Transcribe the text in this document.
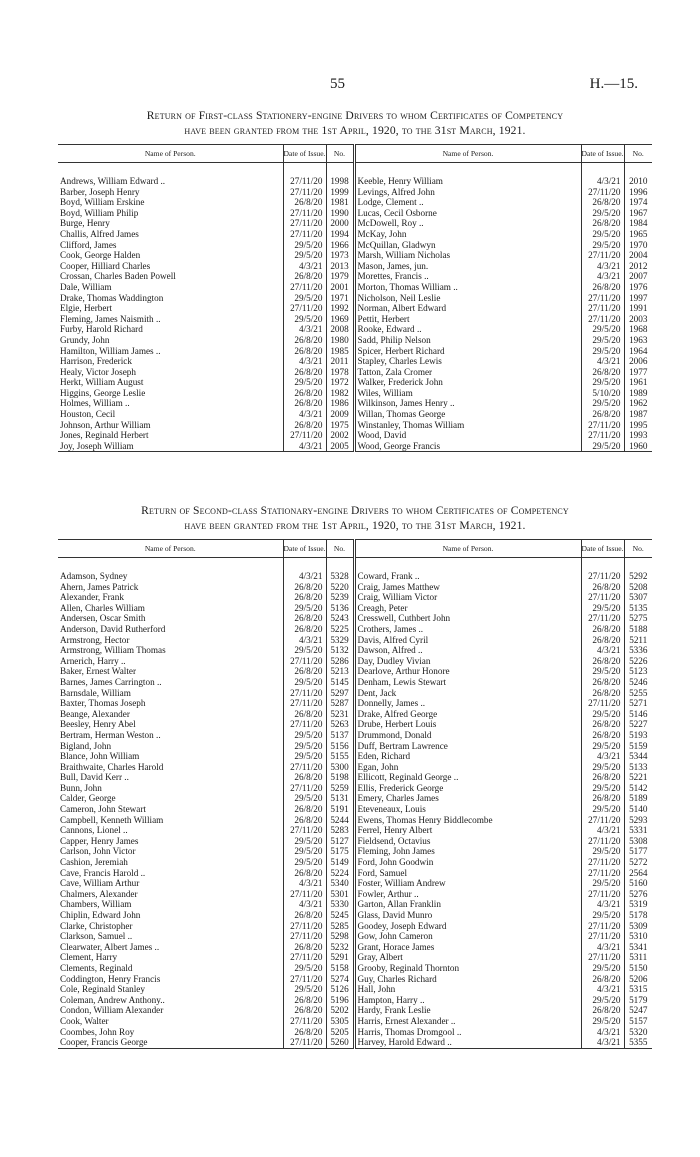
55	H.—15.
Return of First-class Stationery-engine Drivers to whom Certificates of Competency
have been granted from the 1st April, 1920, to the 31st March, 1921.
Name of Person.	Date of Issue.	No.	Name of Person.	Date of Issue.	No.

Andrews, William Edward ..	27/11/20	1998	Keeble, Henry William	4/3/21	2010
Barber, Joseph Henry	27/11/20	1999	Levings, Alfred John	27/11/20	1996
Boyd, William Erskine	26/8/20	1981	Lodge, Clement ..	26/8/20	1974
Boyd, William Philip	27/11/20	1990	Lucas, Cecil Osborne	29/5/20	1967
Burge, Henry	27/11/20	2000	McDowell, Roy ..	26/8/20	1984
Challis, Alfred James	27/11/20	1994	McKay, John	29/5/20	1965
Clifford, James	29/5/20	1966	McQuillan, Gladwyn	29/5/20	1970
Cook, George Halden	29/5/20	1973	Marsh, William Nicholas	27/11/20	2004
Cooper, Hilliard Charles	4/3/21	2013	Mason, James, jun.	4/3/21	2012
Crossan, Charles Baden Powell	26/8/20	1979	Morettes, Francis ..	4/3/21	2007
Dale, William	27/11/20	2001	Morton, Thomas William ..	26/8/20	1976
Drake, Thomas Waddington	29/5/20	1971	Nicholson, Neil Leslie	27/11/20	1997
Elgie, Herbert	27/11/20	1992	Norman, Albert Edward	27/11/20	1991
Fleming, James Naismith ..	29/5/20	1969	Pettit, Herbert	27/11/20	2003
Furby, Harold Richard	4/3/21	2008	Rooke, Edward ..	29/5/20	1968
Grundy, John	26/8/20	1980	Sadd, Philip Nelson	29/5/20	1963
Hamilton, William James ..	26/8/20	1985	Spicer, Herbert Richard	29/5/20	1964
Harrison, Frederick	4/3/21	2011	Stapley, Charles Lewis	4/3/21	2006
Healy, Victor Joseph	26/8/20	1978	Tatton, Zala Cromer	26/8/20	1977
Herkt, William August	29/5/20	1972	Walker, Frederick John	29/5/20	1961
Higgins, George Leslie	26/8/20	1982	Wiles, William	5/10/20	1989
Holmes, William ..	26/8/20	1986	Wilkinson, James Henry ..	29/5/20	1962
Houston, Cecil	4/3/21	2009	Willan, Thomas George	26/8/20	1987
Johnson, Arthur William	26/8/20	1975	Winstanley, Thomas William	27/11/20	1995
Jones, Reginald Herbert	27/11/20	2002	Wood, David	27/11/20	1993
Joy, Joseph William	4/3/21	2005	Wood, George Francis	29/5/20	1960
Return of Second-class Stationary-engine Drivers to whom Certificates of Competency
have been granted from the 1st April, 1920, to the 31st March, 1921.
Name of Person.	Date of Issue.	No.	Name of Person.	Date of Issue.	No.

Adamson, Sydney	4/3/21	5328	Coward, Frank ..	27/11/20	5292
Ahern, James Patrick	26/8/20	5220	Craig, James Matthew	26/8/20	5208
Alexander, Frank	26/8/20	5239	Craig, William Victor	27/11/20	5307
Allen, Charles William	29/5/20	5136	Creagh, Peter	29/5/20	5135
Andersen, Oscar Smith	26/8/20	5243	Cresswell, Cuthbert John	27/11/20	5275
Anderson, David Rutherford	26/8/20	5225	Crothers, James ..	26/8/20	5188
Armstrong, Hector	4/3/21	5329	Davis, Alfred Cyril	26/8/20	5211
Armstrong, William Thomas	29/5/20	5132	Dawson, Alfred ..	4/3/21	5336
Arnerich, Harry ..	27/11/20	5286	Day, Dudley Vivian	26/8/20	5226
Baker, Ernest Walter	26/8/20	5213	Dearlove, Arthur Honore	29/5/20	5123
Barnes, James Carrington ..	29/5/20	5145	Denham, Lewis Stewart	26/8/20	5246
Barnsdale, William	27/11/20	5297	Dent, Jack	26/8/20	5255
Baxter, Thomas Joseph	27/11/20	5287	Donnelly, James ..	27/11/20	5271
Beange, Alexander	26/8/20	5231	Drake, Alfred George	29/5/20	5146
Beesley, Henry Abel	27/11/20	5263	Drube, Herbert Louis	26/8/20	5227
Bertram, Herman Weston ..	29/5/20	5137	Drummond, Donald	26/8/20	5193
Bigland, John	29/5/20	5156	Duff, Bertram Lawrence	29/5/20	5159
Blance, John William	29/5/20	5155	Eden, Richard	4/3/21	5344
Braithwaite, Charles Harold	27/11/20	5300	Egan, John	29/5/20	5133
Bull, David Kerr ..	26/8/20	5198	Ellicott, Reginald George ..	26/8/20	5221
Bunn, John	27/11/20	5259	Ellis, Frederick George	29/5/20	5142
Calder, George	29/5/20	5131	Emery, Charles James	26/8/20	5189
Cameron, John Stewart	26/8/20	5191	Eteveneaux, Louis	29/5/20	5140
Campbell, Kenneth William	26/8/20	5244	Ewens, Thomas Henry Biddlecombe	27/11/20	5293
Cannons, Lionel ..	27/11/20	5283	Ferrel, Henry Albert	4/3/21	5331
Capper, Henry James	29/5/20	5127	Fieldsend, Octavius	27/11/20	5308
Carlson, John Victor	29/5/20	5175	Fleming, John James	29/5/20	5177
Cashion, Jeremiah	29/5/20	5149	Ford, John Goodwin	27/11/20	5272
Cave, Francis Harold ..	26/8/20	5224	Ford, Samuel	27/11/20	2564
Cave, William Arthur	4/3/21	5340	Foster, William Andrew	29/5/20	5160
Chalmers, Alexander	27/11/20	5301	Fowler, Arthur ..	27/11/20	5276
Chambers, William	4/3/21	5330	Garton, Allan Franklin	4/3/21	5319
Chiplin, Edward John	26/8/20	5245	Glass, David Munro	29/5/20	5178
Clarke, Christopher	27/11/20	5285	Goodey, Joseph Edward	27/11/20	5309
Clarkson, Samuel ..	27/11/20	5298	Gow, John Cameron	27/11/20	5310
Clearwater, Albert James ..	26/8/20	5232	Grant, Horace James	4/3/21	5341
Clement, Harry	27/11/20	5291	Gray, Albert	27/11/20	5311
Clements, Reginald	29/5/20	5158	Grooby, Reginald Thornton	29/5/20	5150
Coddington, Henry Francis	27/11/20	5274	Guy, Charles Richard	26/8/20	5206
Cole, Reginald Stanley	29/5/20	5126	Hall, John	4/3/21	5315
Coleman, Andrew Anthony..	26/8/20	5196	Hampton, Harry ..	29/5/20	5179
Condon, William Alexander	26/8/20	5202	Hardy, Frank Leslie	26/8/20	5247
Cook, Walter	27/11/20	5305	Harris, Ernest Alexander ..	29/5/20	5157
Coombes, John Roy	26/8/20	5205	Harris, Thomas Dromgool ..	4/3/21	5320
Cooper, Francis George	27/11/20	5260	Harvey, Harold Edward ..	4/3/21	5355
